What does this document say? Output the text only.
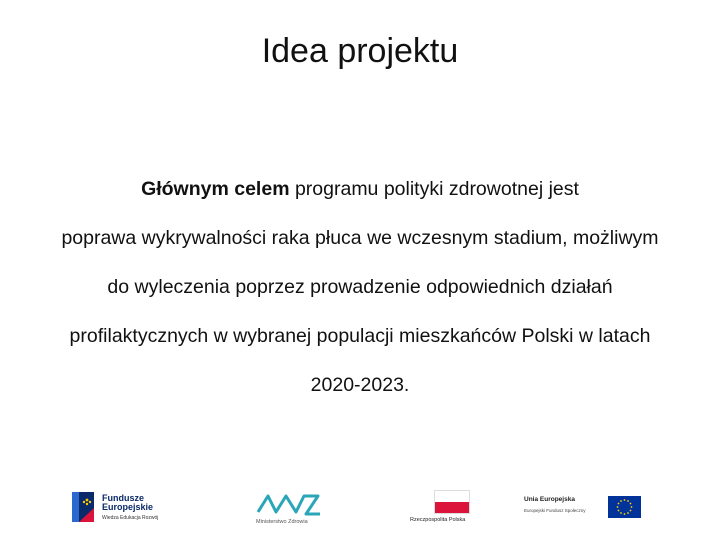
Idea projektu
Głównym celem programu polityki zdrowotnej jest
poprawa wykrywalności raka płuca we wczesnym stadium, możliwym
do wyleczenia poprzez prowadzenie odpowiednich działań
profilaktycznych w wybranej populacji mieszkańców Polski w latach
2020-2023.
Fundusze
Europejskie
Wiedza Edukacja Rozwój
Ministerstwo Zdrowia	Rzeczpospolita Polska
Unia Europejska
Europejski Fundusz Społeczny
